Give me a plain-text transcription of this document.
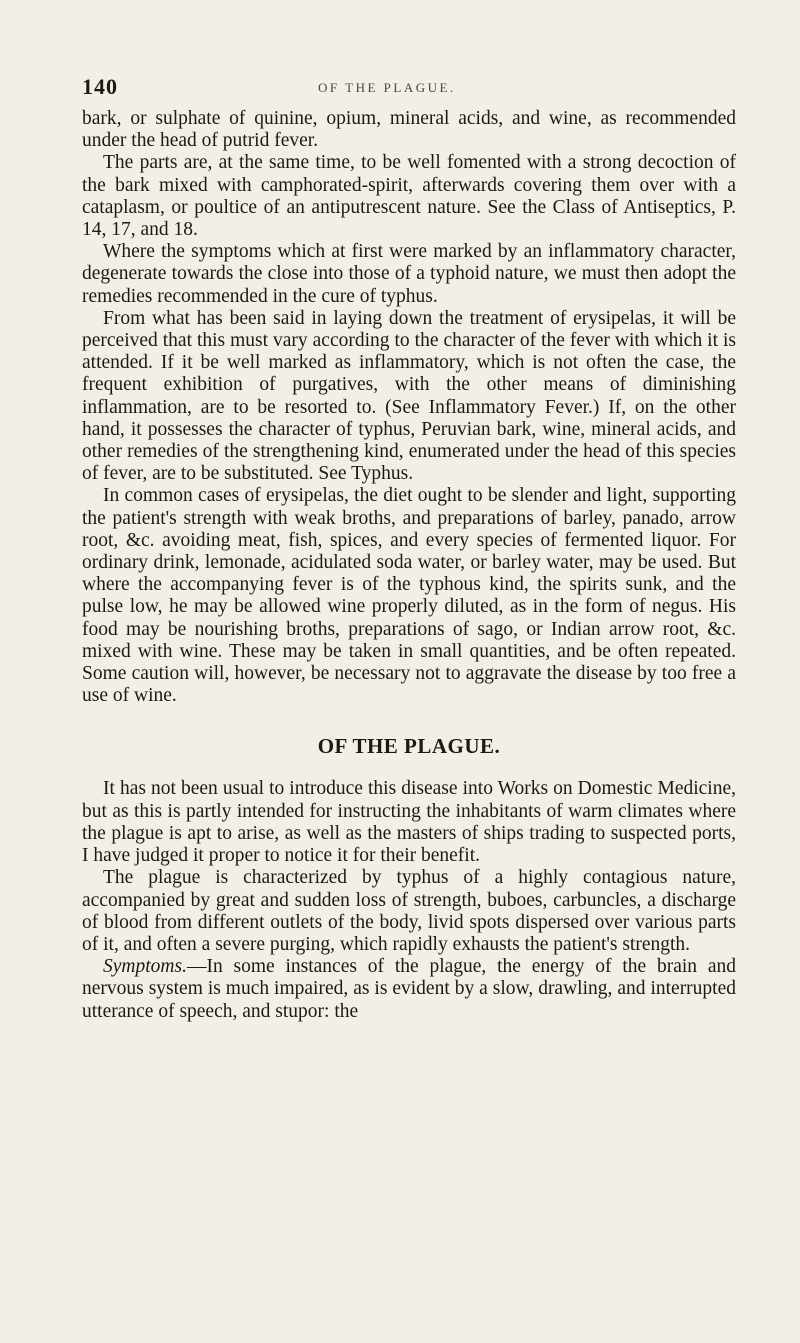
140	OF THE PLAGUE.

bark, or sulphate of quinine, opium, mineral acids, and wine, as recommended under the head of putrid fever.

The parts are, at the same time, to be well fomented with a strong decoction of the bark mixed with camphorated-spirit, afterwards covering them over with a cataplasm, or poultice of an antiputrescent nature. See the Class of Antiseptics, P. 14, 17, and 18.

Where the symptoms which at first were marked by an inflammatory character, degenerate towards the close into those of a typhoid nature, we must then adopt the remedies recommended in the cure of typhus.

From what has been said in laying down the treatment of erysipelas, it will be perceived that this must vary according to the character of the fever with which it is attended. If it be well marked as inflammatory, which is not often the case, the frequent exhibition of purgatives, with the other means of diminishing inflammation, are to be resorted to. (See Inflammatory Fever.) If, on the other hand, it possesses the character of typhus, Peruvian bark, wine, mineral acids, and other remedies of the strengthening kind, enumerated under the head of this species of fever, are to be substituted. See Typhus.

In common cases of erysipelas, the diet ought to be slender and light, supporting the patient's strength with weak broths, and preparations of barley, panado, arrow root, &c. avoiding meat, fish, spices, and every species of fermented liquor. For ordinary drink, lemonade, acidulated soda water, or barley water, may be used. But where the accompanying fever is of the typhous kind, the spirits sunk, and the pulse low, he may be allowed wine properly diluted, as in the form of negus. His food may be nourishing broths, preparations of sago, or Indian arrow root, &c. mixed with wine. These may be taken in small quantities, and be often repeated. Some caution will, however, be necessary not to aggravate the disease by too free a use of wine.

OF THE PLAGUE.

It has not been usual to introduce this disease into Works on Domestic Medicine, but as this is partly intended for instructing the inhabitants of warm climates where the plague is apt to arise, as well as the masters of ships trading to suspected ports, I have judged it proper to notice it for their benefit.

The plague is characterized by typhus of a highly contagious nature, accompanied by great and sudden loss of strength, buboes, carbuncles, a discharge of blood from different outlets of the body, livid spots dispersed over various parts of it, and often a severe purging, which rapidly exhausts the patient's strength.

Symptoms.—In some instances of the plague, the energy of the brain and nervous system is much impaired, as is evident by a slow, drawling, and interrupted utterance of speech, and stupor: the
